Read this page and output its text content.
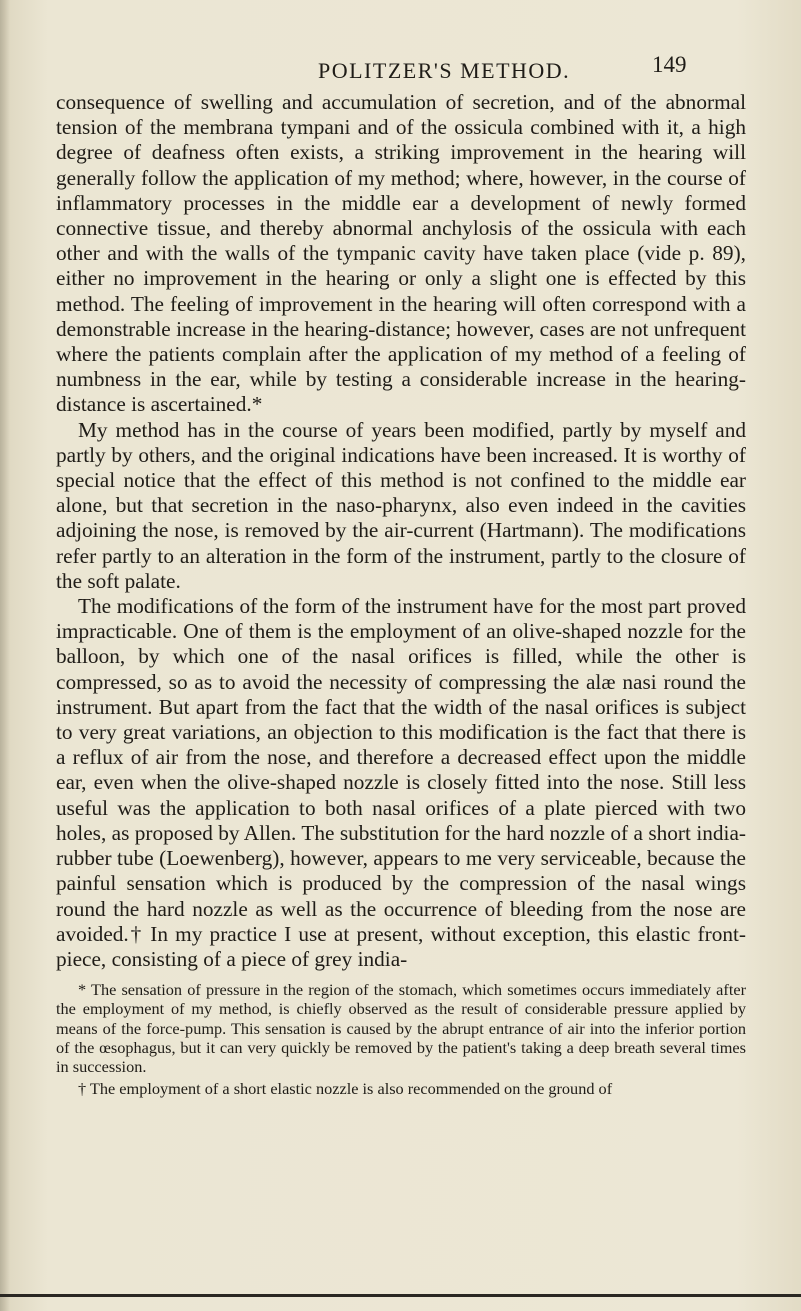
POLITZER'S METHOD.	149

consequence of swelling and accumulation of secretion, and of the abnormal tension of the membrana tympani and of the ossicula combined with it, a high degree of deafness often exists, a striking improvement in the hearing will generally follow the application of my method; where, however, in the course of inflammatory processes in the middle ear a development of newly formed connective tissue, and thereby abnormal anchylosis of the ossicula with each other and with the walls of the tympanic cavity have taken place (vide p. 89), either no improvement in the hearing or only a slight one is effected by this method. The feeling of improvement in the hearing will often correspond with a demonstrable increase in the hearing-distance; however, cases are not unfrequent where the patients complain after the application of my method of a feeling of numbness in the ear, while by testing a considerable increase in the hearing-distance is ascertained.*

My method has in the course of years been modified, partly by myself and partly by others, and the original indications have been increased. It is worthy of special notice that the effect of this method is not confined to the middle ear alone, but that secretion in the naso-pharynx, also even indeed in the cavities adjoining the nose, is removed by the air-current (Hartmann). The modifications refer partly to an alteration in the form of the instrument, partly to the closure of the soft palate.

The modifications of the form of the instrument have for the most part proved impracticable. One of them is the employment of an olive-shaped nozzle for the balloon, by which one of the nasal orifices is filled, while the other is compressed, so as to avoid the necessity of compressing the alæ nasi round the instrument. But apart from the fact that the width of the nasal orifices is subject to very great variations, an objection to this modification is the fact that there is a reflux of air from the nose, and therefore a decreased effect upon the middle ear, even when the olive-shaped nozzle is closely fitted into the nose. Still less useful was the application to both nasal orifices of a plate pierced with two holes, as proposed by Allen. The substitution for the hard nozzle of a short india-rubber tube (Loewenberg), however, appears to me very serviceable, because the painful sensation which is produced by the compression of the nasal wings round the hard nozzle as well as the occurrence of bleeding from the nose are avoided.† In my practice I use at present, without exception, this elastic front-piece, consisting of a piece of grey india-

* The sensation of pressure in the region of the stomach, which sometimes occurs immediately after the employment of my method, is chiefly observed as the result of considerable pressure applied by means of the force-pump. This sensation is caused by the abrupt entrance of air into the inferior portion of the œsophagus, but it can very quickly be removed by the patient's taking a deep breath several times in succession.

† The employment of a short elastic nozzle is also recommended on the ground of
